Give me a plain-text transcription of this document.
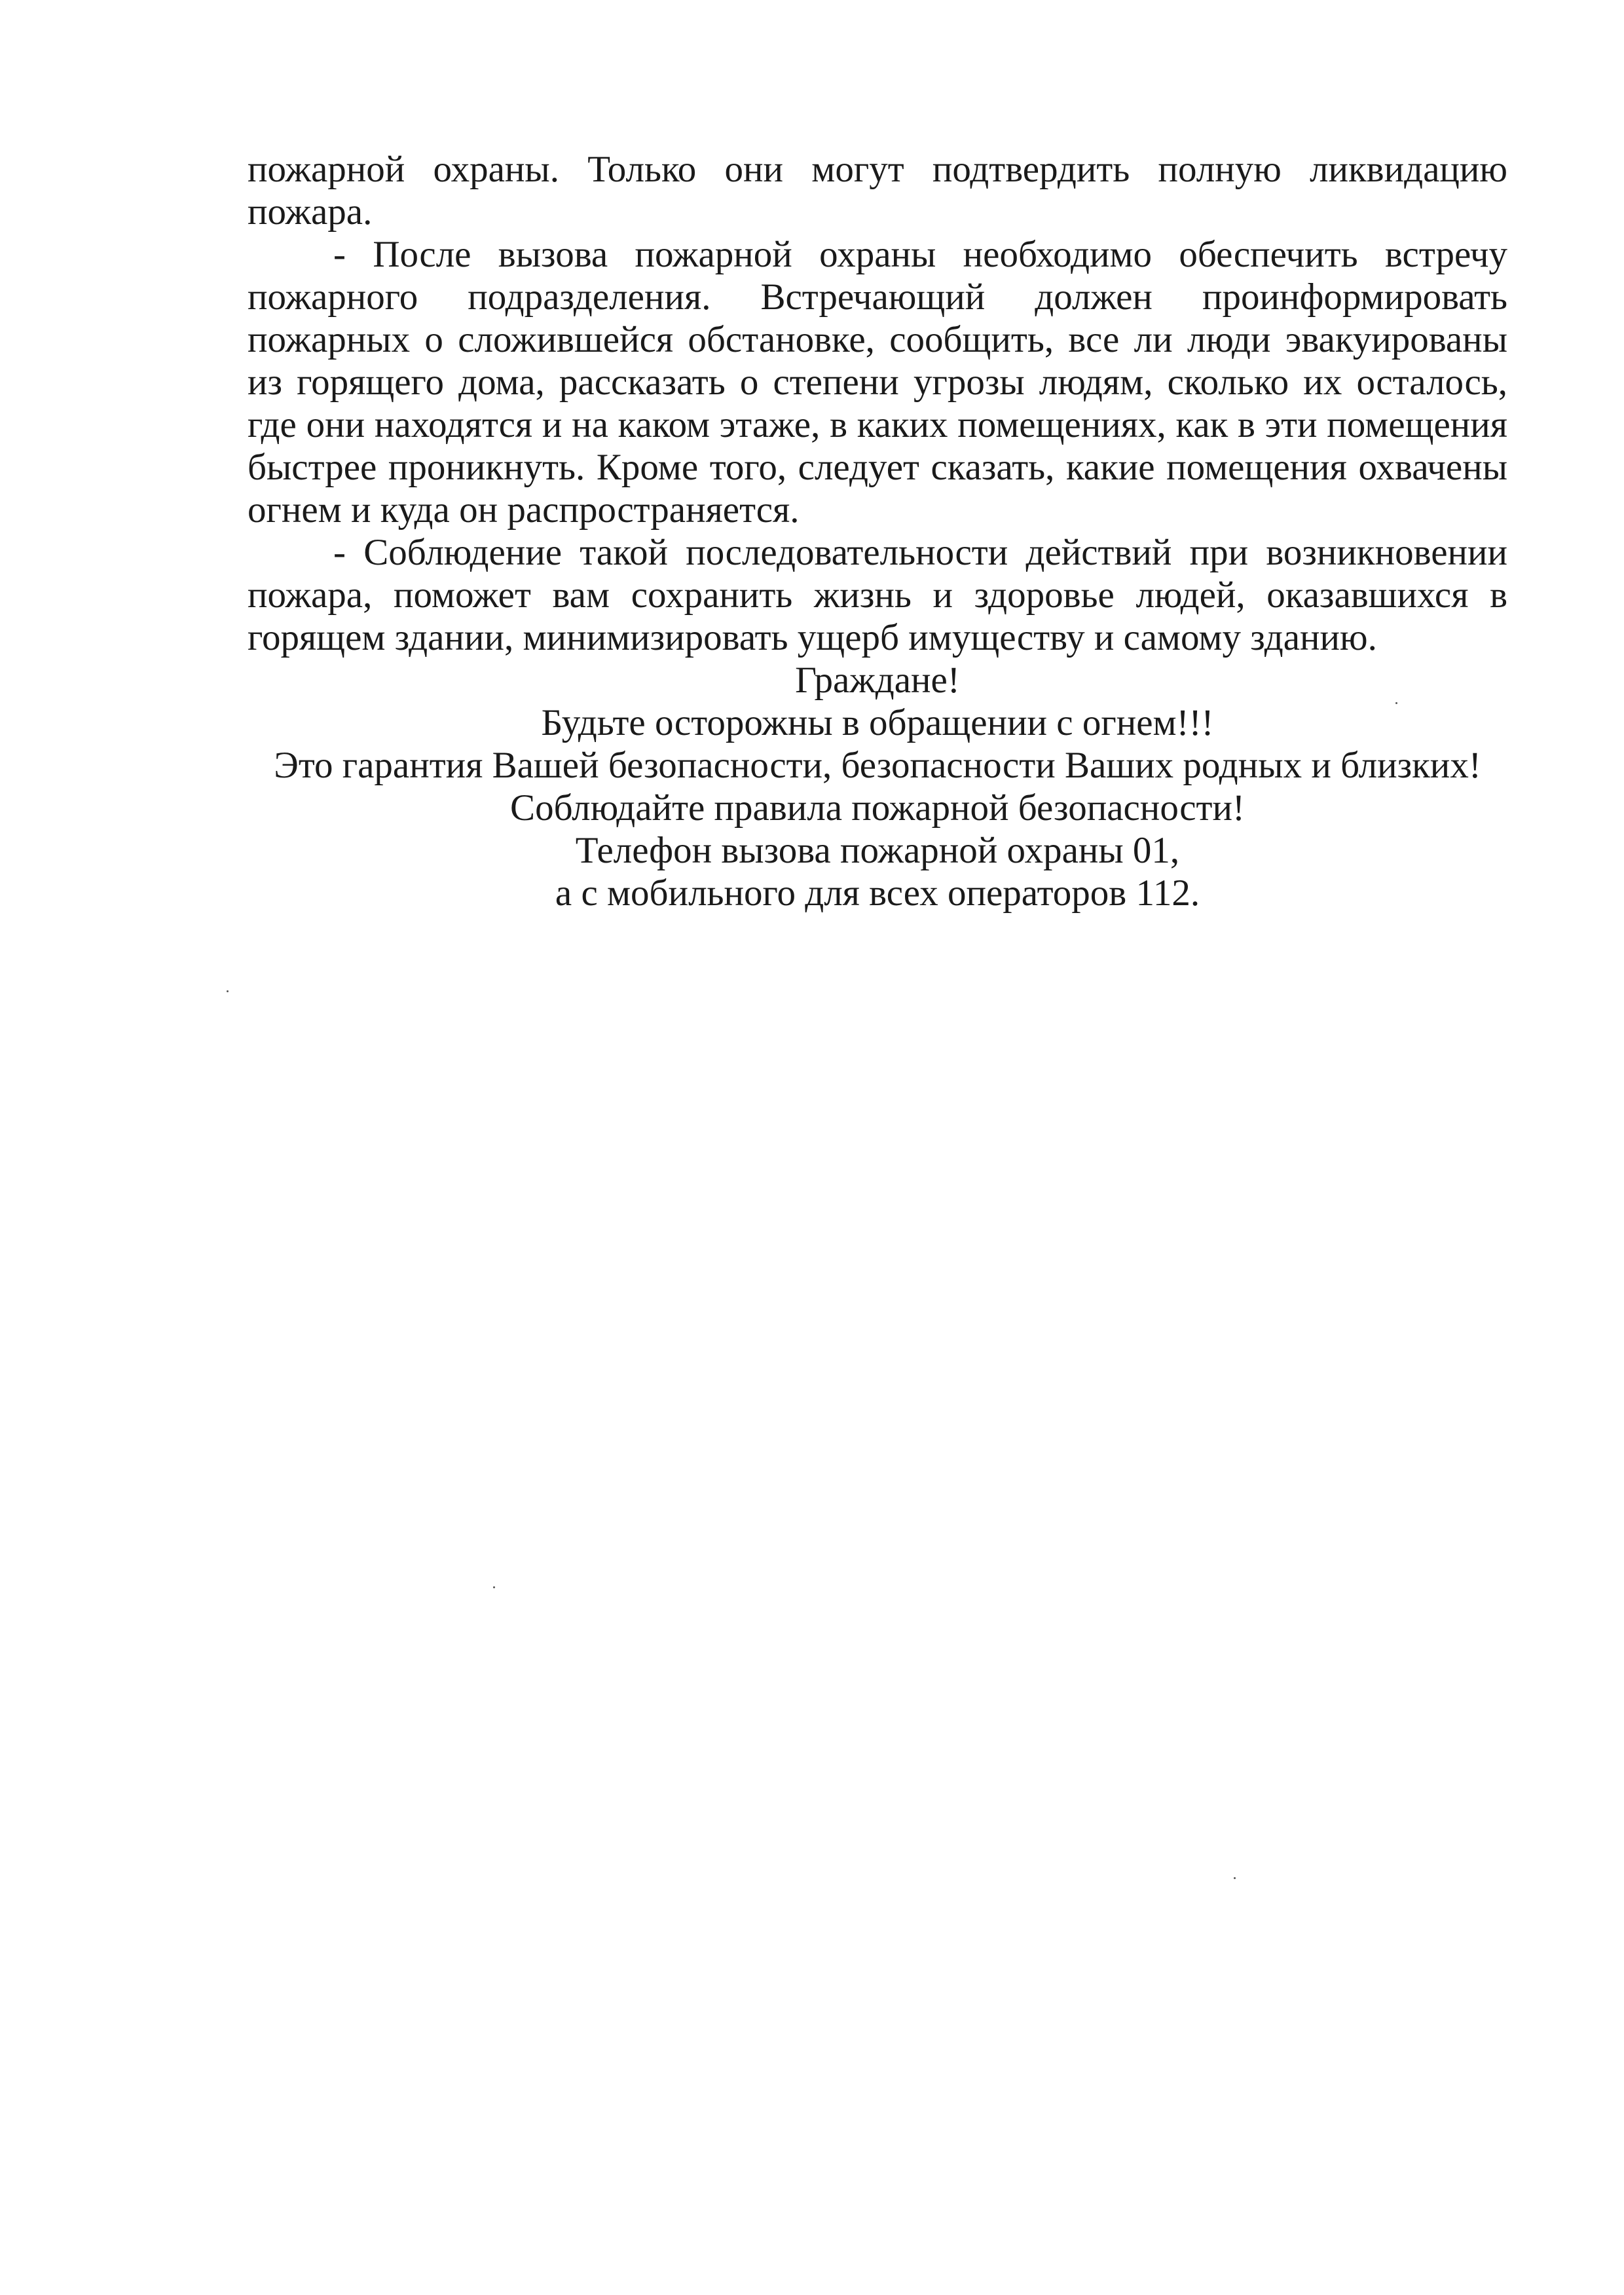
пожарной охраны. Только они могут подтвердить полную ликвидацию пожара.

- После вызова пожарной охраны необходимо обеспечить встречу пожарного подразделения. Встречающий должен проинформировать пожарных о сложившейся обстановке, сообщить, все ли люди эвакуированы из горящего дома, рассказать о степени угрозы людям, сколько их осталось, где они находятся и на каком этаже, в каких помещениях, как в эти помещения быстрее проникнуть. Кроме того, следует сказать, какие помещения охвачены огнем и куда он распространяется.

- Соблюдение такой последовательности действий при возникновении пожара, поможет вам сохранить жизнь и здоровье людей, оказавшихся в горящем здании, минимизировать ущерб имуществу и самому зданию.

Граждане!

Будьте осторожны в обращении с огнем!!!

Это гарантия Вашей безопасности, безопасности Ваших родных и близких!

Соблюдайте правила пожарной безопасности!

Телефон вызова пожарной охраны 01,

а с мобильного для всех операторов 112.
